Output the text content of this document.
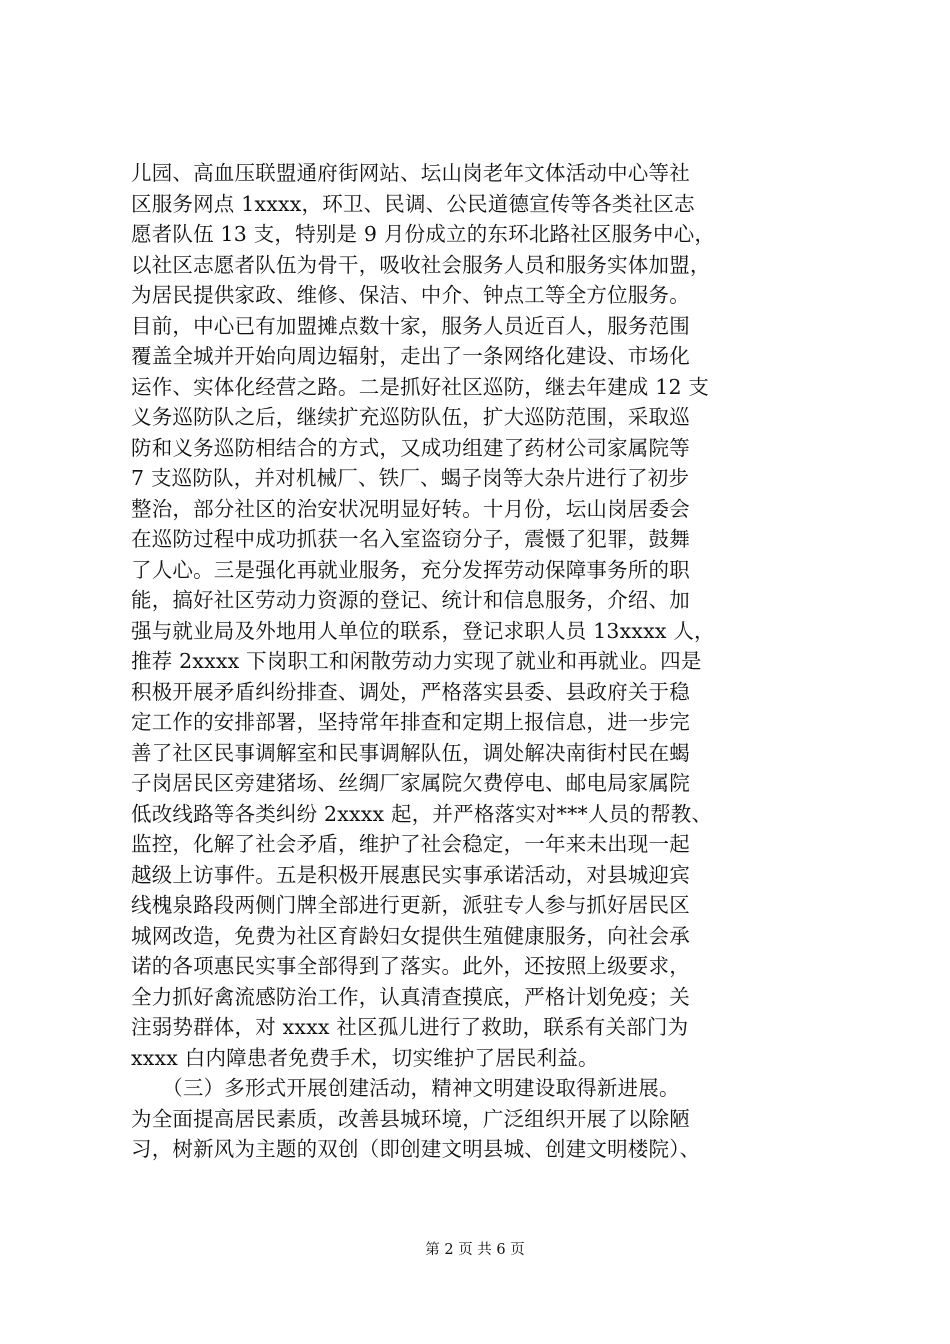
儿园、高血压联盟通府街网站、坛山岗老年文体活动中心等社
区服务网点 1xxxx，环卫、民调、公民道德宣传等各类社区志
愿者队伍 13 支，特别是 9 月份成立的东环北路社区服务中心，
以社区志愿者队伍为骨干，吸收社会服务人员和服务实体加盟，
为居民提供家政、维修、保洁、中介、钟点工等全方位服务。
目前，中心已有加盟摊点数十家，服务人员近百人，服务范围
覆盖全城并开始向周边辐射，走出了一条网络化建设、市场化
运作、实体化经营之路。二是抓好社区巡防，继去年建成 12 支
义务巡防队之后，继续扩充巡防队伍，扩大巡防范围，采取巡
防和义务巡防相结合的方式，又成功组建了药材公司家属院等
7 支巡防队，并对机械厂、铁厂、蝎子岗等大杂片进行了初步
整治，部分社区的治安状况明显好转。十月份，坛山岗居委会
在巡防过程中成功抓获一名入室盗窃分子，震慑了犯罪，鼓舞
了人心。三是强化再就业服务，充分发挥劳动保障事务所的职
能，搞好社区劳动力资源的登记、统计和信息服务，介绍、加
强与就业局及外地用人单位的联系，登记求职人员 13xxxx 人，
推荐 2xxxx 下岗职工和闲散劳动力实现了就业和再就业。四是
积极开展矛盾纠纷排查、调处，严格落实县委、县政府关于稳
定工作的安排部署，坚持常年排查和定期上报信息，进一步完
善了社区民事调解室和民事调解队伍，调处解决南街村民在蝎
子岗居民区旁建猪场、丝绸厂家属院欠费停电、邮电局家属院
低改线路等各类纠纷 2xxxx 起，并严格落实对***人员的帮教、
监控，化解了社会矛盾，维护了社会稳定，一年来未出现一起
越级上访事件。五是积极开展惠民实事承诺活动，对县城迎宾
线槐泉路段两侧门牌全部进行更新，派驻专人参与抓好居民区
城网改造，免费为社区育龄妇女提供生殖健康服务，向社会承
诺的各项惠民实事全部得到了落实。此外，还按照上级要求，
全力抓好禽流感防治工作，认真清查摸底，严格计划免疫；关
注弱势群体，对 xxxx 社区孤儿进行了救助，联系有关部门为
xxxx 白内障患者免费手术，切实维护了居民利益。
　　（三）多形式开展创建活动，精神文明建设取得新进展。
为全面提高居民素质，改善县城环境，广泛组织开展了以除陋
习，树新风为主题的双创（即创建文明县城、创建文明楼院）、
第 2 页 共 6 页
